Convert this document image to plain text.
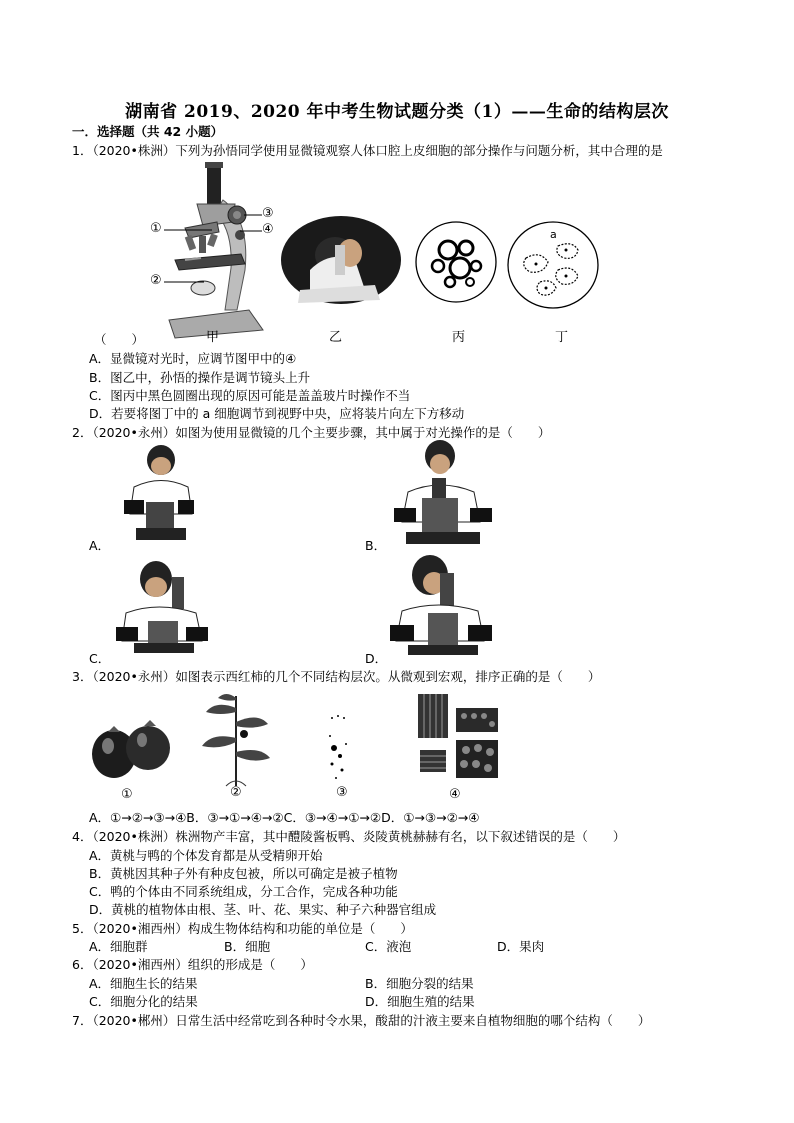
湖南省 2019、2020 年中考生物试题分类（1）——生命的结构层次
一．选择题（共 42 小题）
1．（2020•株洲）下列为孙悟同学使用显微镜观察人体口腔上皮细胞的部分操作与问题分析，其中合理的是
①
②
③
④
（　　）
a
甲	乙	丙	丁
A．显微镜对光时，应调节图甲中的④
B．图乙中，孙悟的操作是调节镜头上升
C．图丙中黑色圆圈出现的原因可能是盖盖玻片时操作不当
D．若要将图丁中的 a 细胞调节到视野中央，应将装片向左下方移动
2．（2020•永州）如图为使用显微镜的几个主要步骤，其中属于对光操作的是（　　）
A．	B．
C．	D．
3．（2020•永州）如图表示西红柿的几个不同结构层次。从微观到宏观，排序正确的是（　　）
①	②	③	④
A．①→②→③→④B．③→①→④→②C．③→④→①→②D．①→③→②→④
4．（2020•株洲）株洲物产丰富，其中醴陵酱板鸭、炎陵黄桃赫赫有名，以下叙述错误的是（　　）
A．黄桃与鸭的个体发育都是从受精卵开始
B．黄桃因其种子外有种皮包被，所以可确定是被子植物
C．鸭的个体由不同系统组成，分工合作，完成各种功能
D．黄桃的植物体由根、茎、叶、花、果实、种子六种器官组成
5．（2020•湘西州）构成生物体结构和功能的单位是（　　）
A．细胞群	B．细胞	C．液泡	D．果肉
6．（2020•湘西州）组织的形成是（　　）
A．细胞生长的结果	B．细胞分裂的结果
C．细胞分化的结果	D．细胞生殖的结果
7．（2020•郴州）日常生活中经常吃到各种时令水果，酸甜的汁液主要来自植物细胞的哪个结构（　　）
